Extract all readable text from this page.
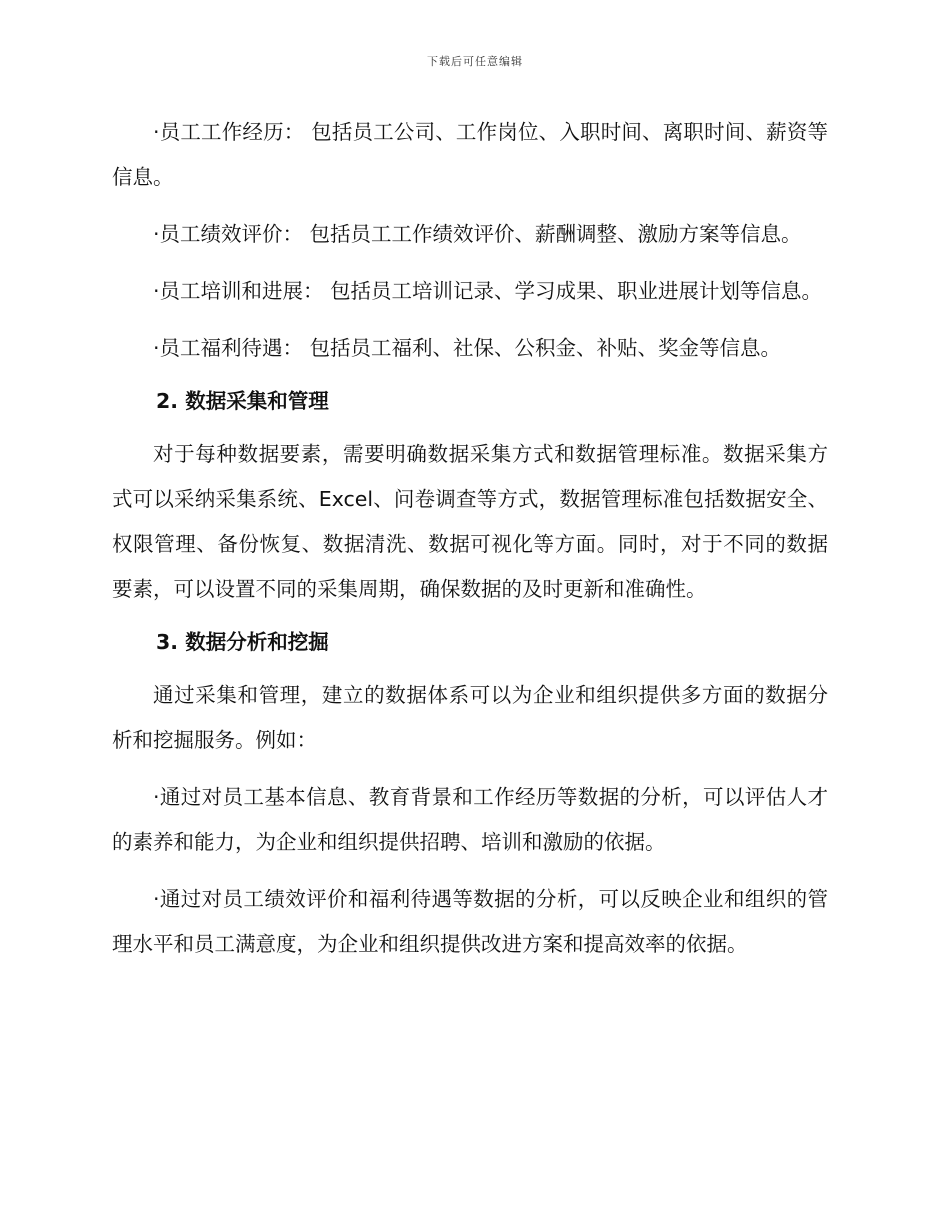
下载后可任意编辑

·员工工作经历： 包括员工公司、工作岗位、入职时间、离职时间、薪资等信息。

·员工绩效评价： 包括员工工作绩效评价、薪酬调整、激励方案等信息。

·员工培训和进展： 包括员工培训记录、学习成果、职业进展计划等信息。

·员工福利待遇： 包括员工福利、社保、公积金、补贴、奖金等信息。

2. 数据采集和管理

对于每种数据要素，需要明确数据采集方式和数据管理标准。数据采集方式可以采纳采集系统、Excel、问卷调查等方式，数据管理标准包括数据安全、权限管理、备份恢复、数据清洗、数据可视化等方面。同时，对于不同的数据要素，可以设置不同的采集周期，确保数据的及时更新和准确性。

3. 数据分析和挖掘

通过采集和管理，建立的数据体系可以为企业和组织提供多方面的数据分析和挖掘服务。例如：

·通过对员工基本信息、教育背景和工作经历等数据的分析，可以评估人才的素养和能力，为企业和组织提供招聘、培训和激励的依据。

·通过对员工绩效评价和福利待遇等数据的分析，可以反映企业和组织的管理水平和员工满意度，为企业和组织提供改进方案和提高效率的依据。
